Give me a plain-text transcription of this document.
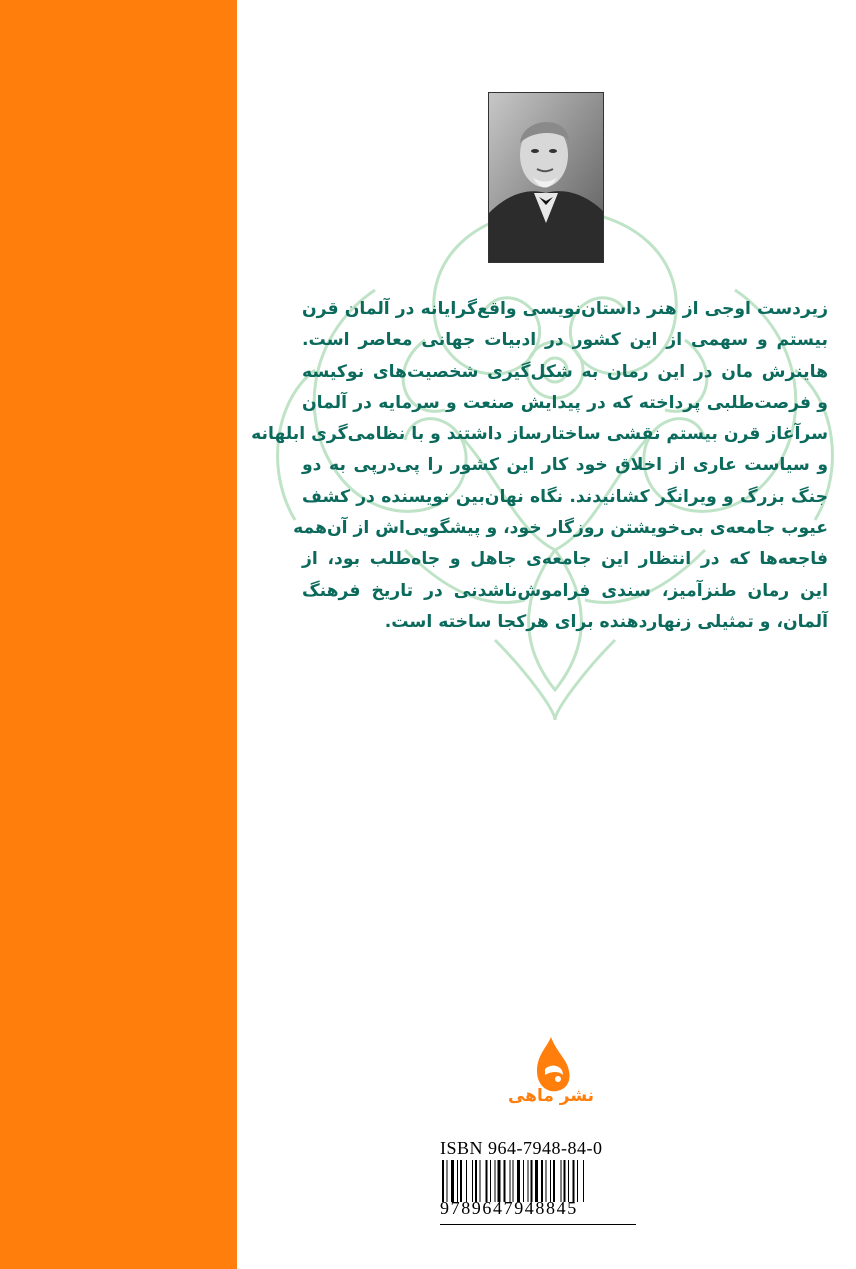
زیردست اوجی از هنر داستان‌نویسی واقع‌گرایانه در آلمان قرن
بیستم و سهمی از این کشور در ادبیات جهانی معاصر است.
هاینرش مان در این رمان به شکل‌گیری شخصیت‌های نوکیسه
و فرصت‌طلبی پرداخته که در پیدایش صنعت و سرمایه در آلمان
سرآغاز قرن بیستم نقشی ساختارساز داشتند و با نظامی‌گری ابلهانه
و سیاست عاری از اخلاق خود کار این کشور را پی‌درپی به دو
جنگ بزرگ و ویرانگر کشانیدند. نگاه نهان‌بین نویسنده در کشف
عیوب جامعه‌ی بی‌خویشتن روزگار خود، و پیشگویی‌اش از آن‌همه
فاجعه‌ها که در انتظار این جامعه‌ی جاهل و جاه‌طلب بود، از
این رمان طنزآمیز، سندی فراموش‌ناشدنی در تاریخ فرهنگ
آلمان، و تمثیلی زنهاردهنده برای هرکجا ساخته است.
نشر ماهی
ISBN 964-7948-84-0
9789647948845
